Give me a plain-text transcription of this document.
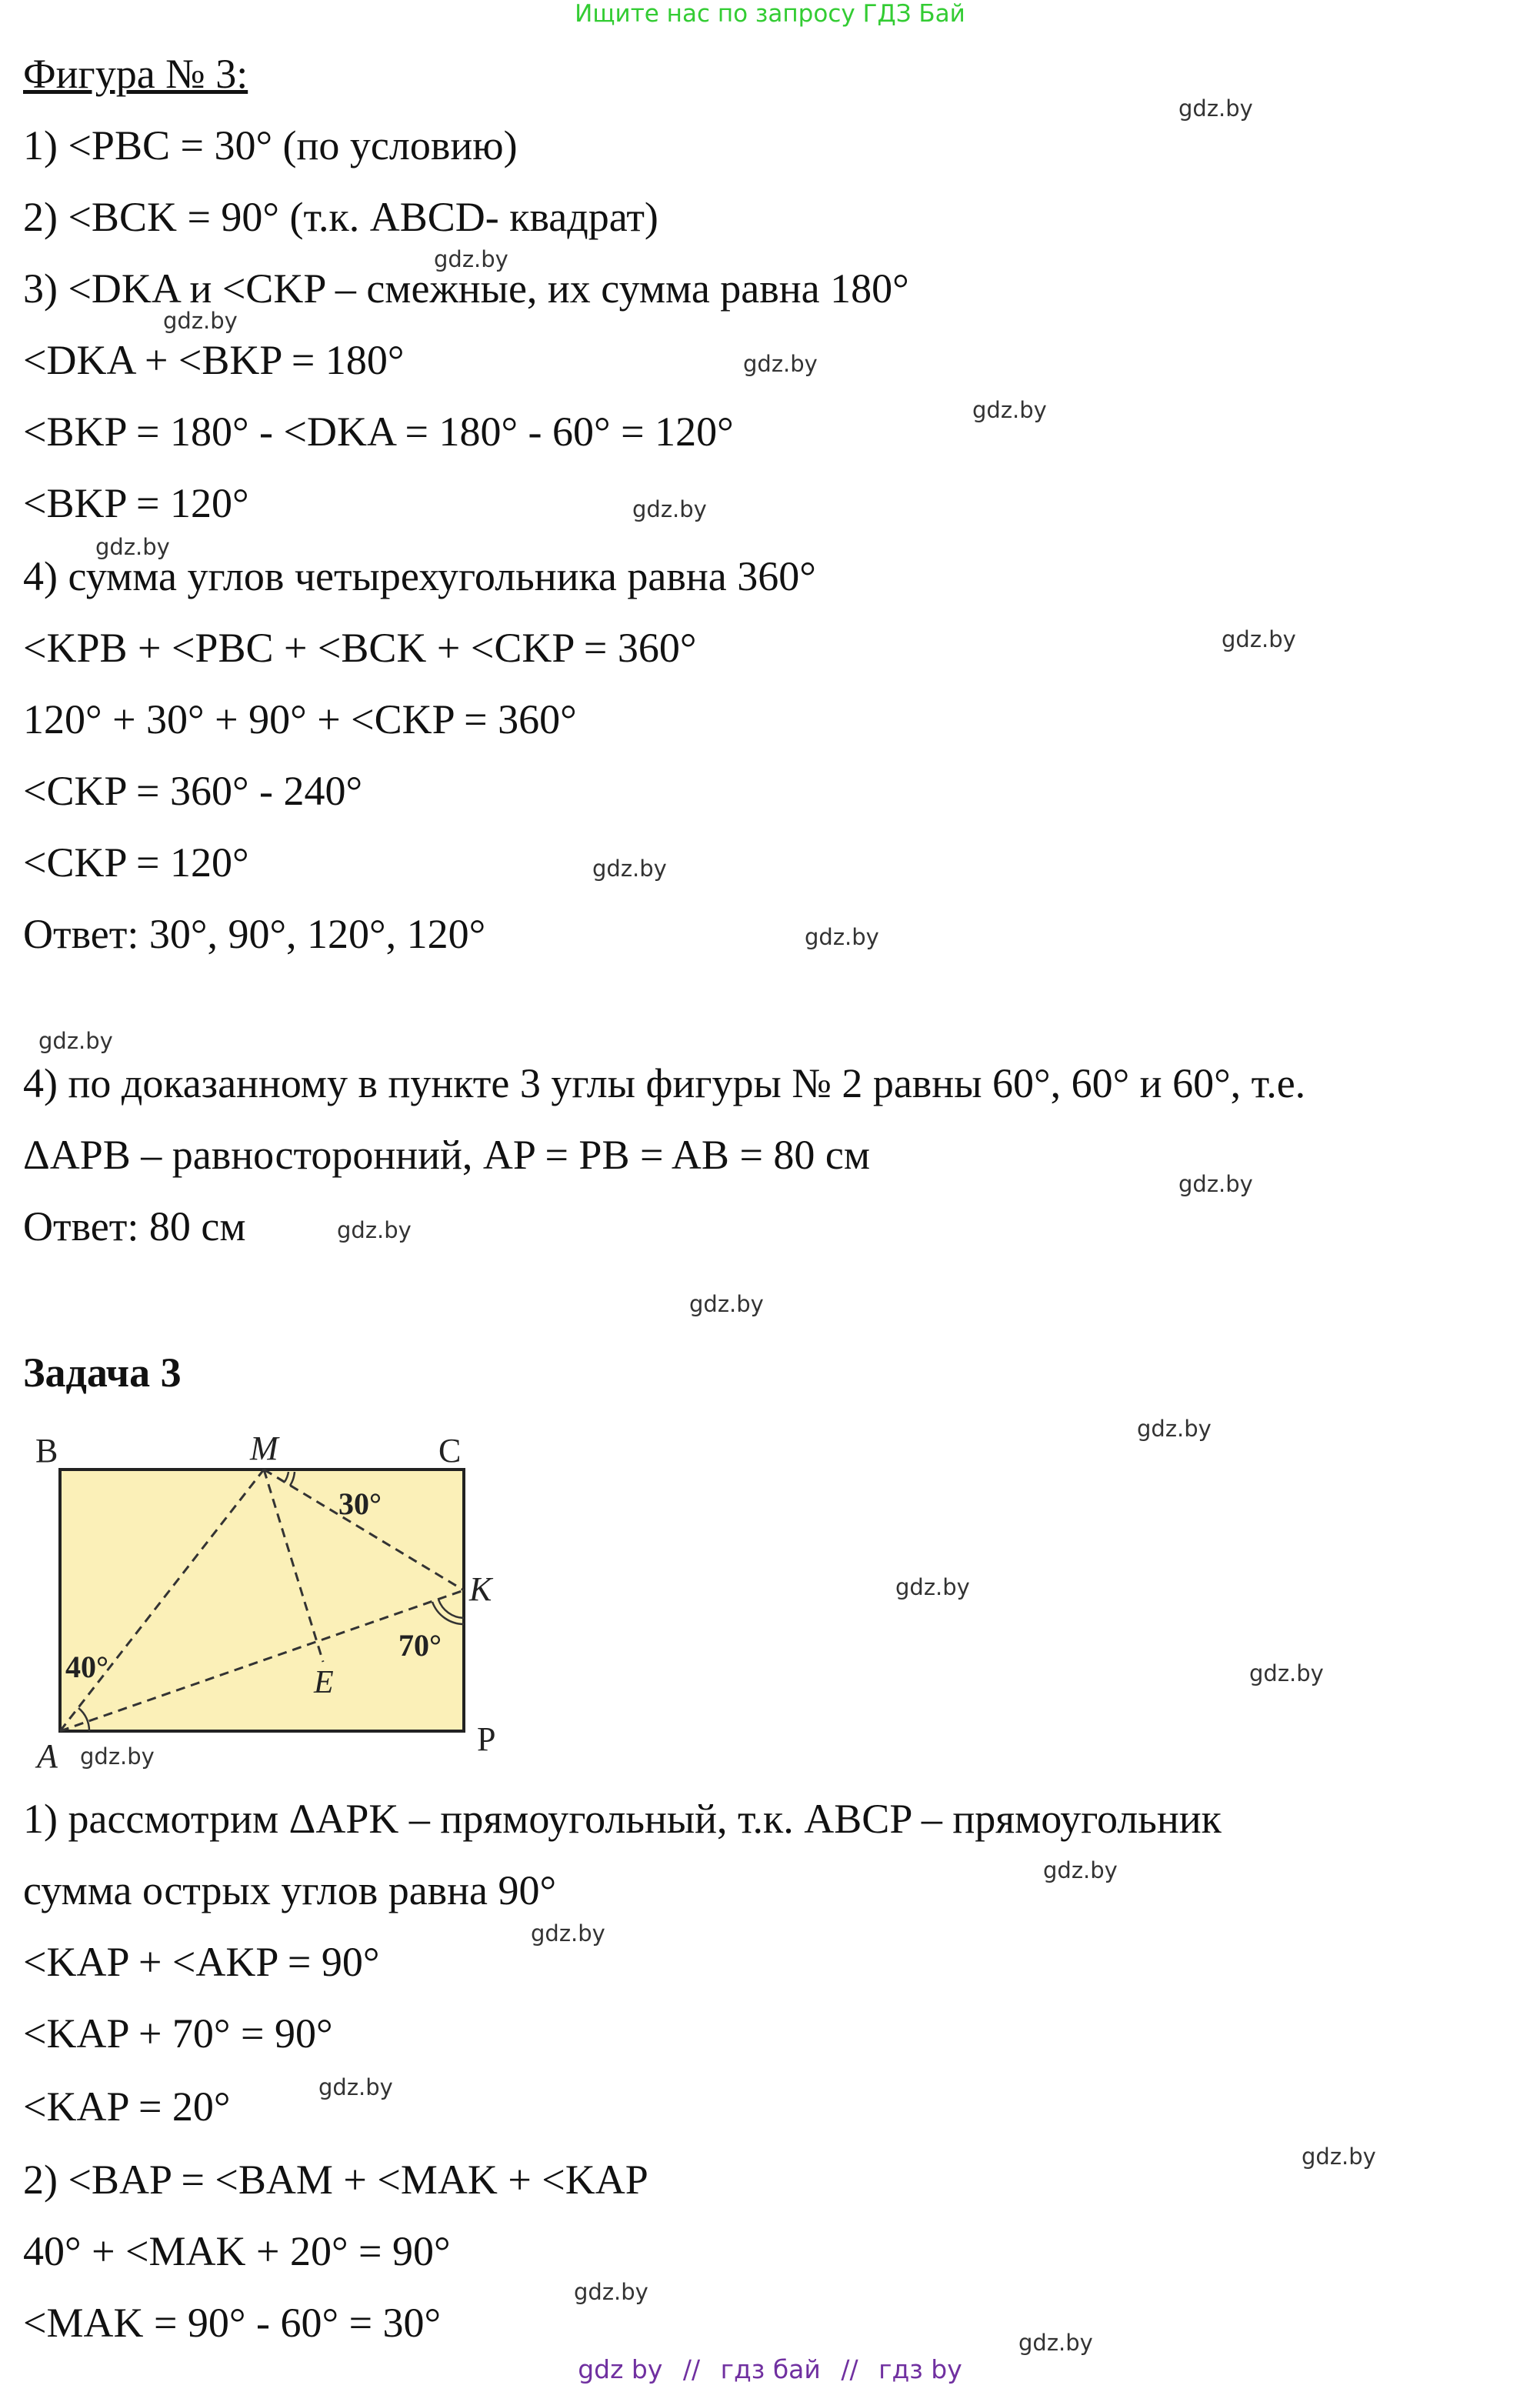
Ищите нас по запросу ГДЗ Бай
Фигура № 3:
1) <PBC = 30° (по условию)
2) <BCK = 90° (т.к. ABCD- квадрат)
3) <DKA и <CKP – смежные, их сумма равна 180°
<DKA + <BKP = 180°
<BKP = 180° - <DKA = 180° - 60° = 120°
<BKP = 120°
4) сумма углов четырехугольника равна 360°
<KPB + <PBC + <BCK + <CKP = 360°
120° + 30° + 90° + <CKP = 360°
<CKP = 360° - 240°
<CKP = 120°
Ответ: 30°, 90°, 120°, 120°
4) по доказанному в пункте 3 углы фигуры № 2 равны 60°, 60° и 60°, т.е.
ΔAPB – равносторонний, AP = PB = AB = 80 см
Ответ: 80 см
Задача 3
B	M	C
K
E
A	P
30°
40°
70°
1) рассмотрим ΔAPK – прямоугольный, т.к. ABCP – прямоугольник
сумма острых углов равна 90°
<KAP + <AKP = 90°
<KAP + 70° = 90°
<KAP = 20°
2) <BAP = <BAM + <MAK + <KAP
40° + <MAK + 20° = 90°
<MAK = 90° - 60° = 30°
gdz.by
gdz.by
gdz.by
gdz.by
gdz.by
gdz.by
gdz.by
gdz.by
gdz.by
gdz.by
gdz.by
gdz.by
gdz.by
gdz.by
gdz.by
gdz.by
gdz.by
gdz.by
gdz.by
gdz.by
gdz.by
gdz.by
gdz.by
gdz.by
gdz by // гдз бай // гдз by
